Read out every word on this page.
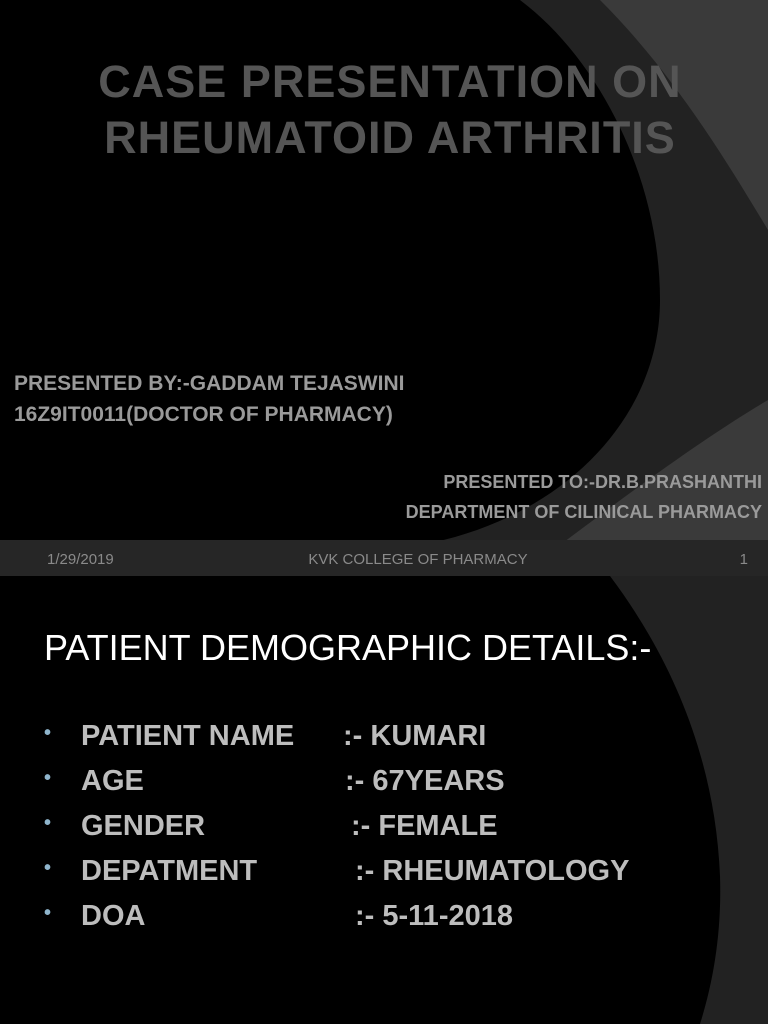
CASE PRESENTATION ON
RHEUMATOID ARTHRITIS
PRESENTED BY:-GADDAM TEJASWINI
16Z9IT0011(DOCTOR OF PHARMACY)
PRESENTED TO:-DR.B.PRASHANTHI
DEPARTMENT OF CILINICAL PHARMACY
1/29/2019	KVK COLLEGE OF PHARMACY	1
PATIENT DEMOGRAPHIC DETAILS:-
• PATIENT NAME :- KUMARI
• AGE	:- 67YEARS
• GENDER	:- FEMALE
• DEPATMENT	:- RHEUMATOLOGY
• DOA	:- 5-11-2018
